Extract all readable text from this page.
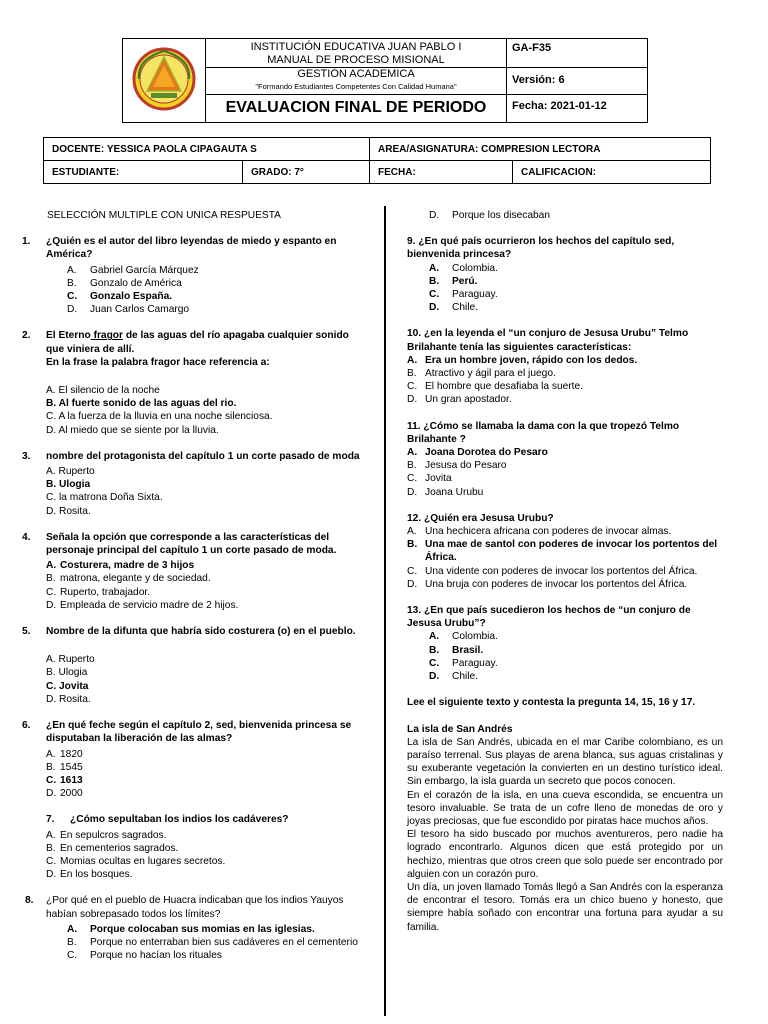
INSTITUCIÓN EDUCATIVA JUAN PABLO I
MANUAL DE PROCESO MISIONAL	GA-F35

	GESTIÓN ACADEMICA
"Formando Estudiantes Competentes Con Calidad Humana"	Versión: 6
	EVALUACION FINAL DE PERIODO	Fecha: 2021-01-12
DOCENTE: YESSICA PAOLA CIPAGAUTA S		AREA/ASIGNATURA: COMPRESION LECTORA	
ESTUDIANTE:	GRADO: 7°	FECHA:	CALIFICACION:
SELECCIÓN MULTIPLE CON UNICA RESPUESTA
1.	¿Quién es el autor del libro leyendas de miedo y espanto en América?
A.	Gabriel García Márquez
B.	Gonzalo de América
C.	Gonzalo España.
D.	Juan Carlos Camargo
2.	El Eterno fragor de las aguas del río apagaba cualquier sonido que viniera de allí.
En la frase la palabra fragor hace referencia a:
A. El silencio de la noche
B. Al fuerte sonido de las aguas del rio.
C. A la fuerza de la lluvia en una noche silenciosa.
D. Al miedo que se siente por la lluvia.
3.	nombre del protagonista del capítulo 1 un corte pasado de moda
A. Ruperto
B. Ulogia
C. la matrona Doña Sixta.
D. Rosita.
4.	Señala la opción que corresponde a las características del personaje principal del capítulo 1 un corte pasado de moda.
A. Costurera, madre de 3 hijos
B. matrona, elegante y de sociedad.
C. Ruperto, trabajador.
D. Empleada de servicio madre de 2 hijos.
5.	Nombre de la difunta que habría sido costurera (o) en el pueblo.
A. Ruperto
B. Ulogia
C. Jovita
D. Rosita.
6.	¿En qué feche según el capítulo 2, sed, bienvenida princesa se disputaban la liberación de las almas?
A. 1820
B. 1545
C. 1613
D. 2000
7.	¿Cómo sepultaban los indios los cadáveres?
A. En sepulcros sagrados.
B. En cementerios sagrados.
C. Momias ocultas en lugares secretos.
D. En los bosques.
8.	¿Por qué en el pueblo de Huacra indicaban que los indios Yauyos habían sobrepasado todos los límites?
A.	Porque colocaban sus momias en las iglesias.
B.	Porque no enterraban bien sus cadáveres en el cementerio
C.	Porque no hacían los rituales
D.	Porque los disecaban
9. ¿En qué país ocurrieron los hechos del capítulo sed, bienvenida princesa?
A.	Colombia.
B.	Perú.
C.	Paraguay.
D.	Chile.
10. ¿en la leyenda el “un conjuro de Jesusa Urubu” Telmo Brilahante tenía las siguientes características:
A. Era un hombre joven, rápido con los dedos.
B. Atractivo y ágil para el juego.
C. El hombre que desafiaba la suerte.
D. Un gran apostador.
11. ¿Cómo se llamaba la dama con la que tropezó Telmo Brilahante ?
A. Joana Dorotea do Pesaro
B. Jesusa do Pesaro
C. Jovita
D. Joana Urubu
12. ¿Quién era Jesusa Urubu?
A. Una hechicera africana con poderes de invocar almas.
B. Una mae de santol con poderes de invocar los portentos del África.
C. Una vidente con poderes de invocar los portentos del África.
D. Una bruja con poderes de invocar los portentos del África.
13. ¿En que país sucedieron los hechos de “un conjuro de Jesusa Urubu”?
A.	Colombia.
B.	Brasil.
C.	Paraguay.
D.	Chile.
Lee el siguiente texto y contesta la pregunta 14, 15, 16 y 17.
La isla de San Andrés
La isla de San Andrés, ubicada en el mar Caribe colombiano, es un paraíso terrenal. Sus playas de arena blanca, sus aguas cristalinas y su exuberante vegetación la convierten en un destino turístico ideal. Sin embargo, la isla guarda un secreto que pocos conocen.
En el corazón de la isla, en una cueva escondida, se encuentra un tesoro invaluable. Se trata de un cofre lleno de monedas de oro y joyas preciosas, que fue escondido por piratas hace muchos años.
El tesoro ha sido buscado por muchos aventureros, pero nadie ha logrado encontrarlo. Algunos dicen que está protegido por un hechizo, mientras que otros creen que solo puede ser encontrado por alguien con un corazón puro.
Un día, un joven llamado Tomás llegó a San Andrés con la esperanza de encontrar el tesoro. Tomás era un chico bueno y honesto, que siempre había soñado con encontrar una fortuna para ayudar a su familia.
